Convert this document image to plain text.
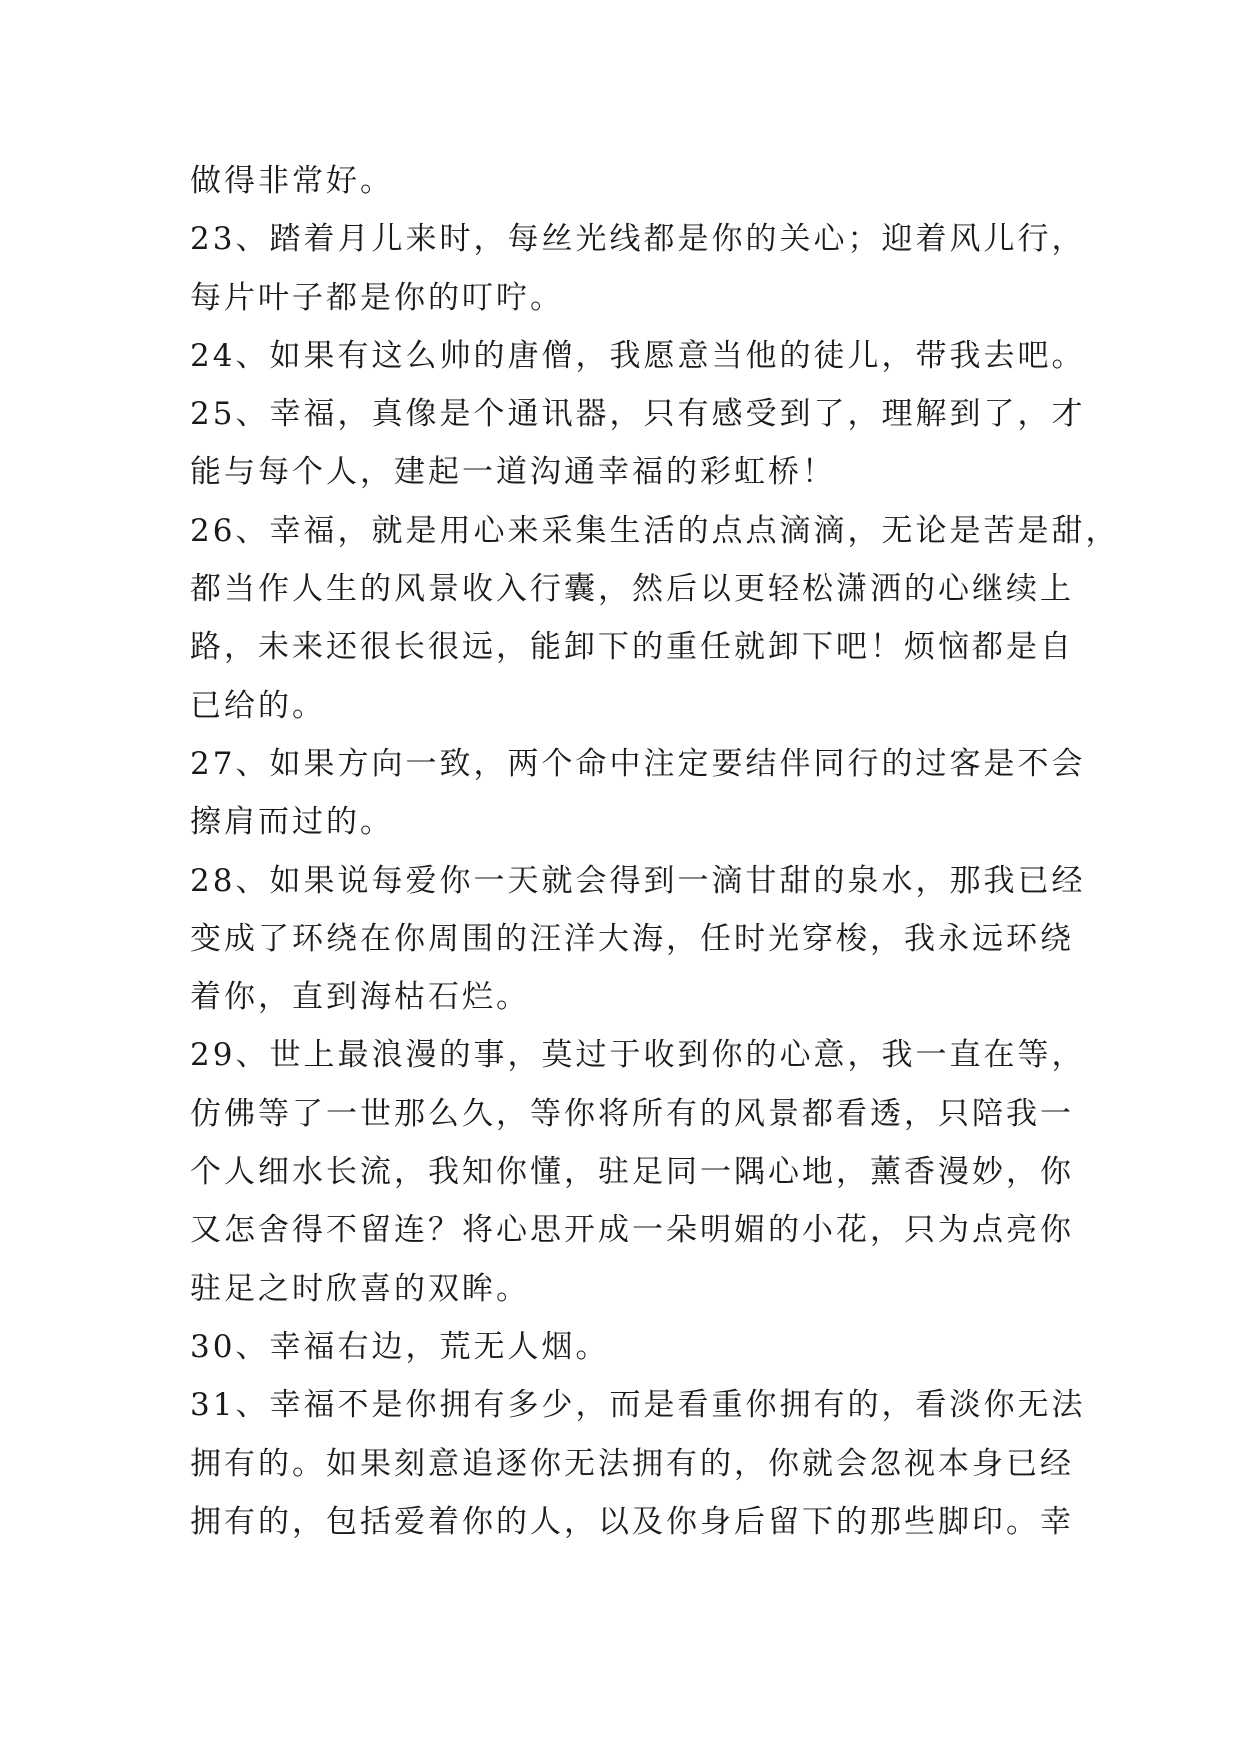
做得非常好。
23、踏着月儿来时，每丝光线都是你的关心；迎着风儿行，
每片叶子都是你的叮咛。
24、如果有这么帅的唐僧，我愿意当他的徒儿，带我去吧。
25、幸福，真像是个通讯器，只有感受到了，理解到了，才
能与每个人，建起一道沟通幸福的彩虹桥！
26、幸福，就是用心来采集生活的点点滴滴，无论是苦是甜，
都当作人生的风景收入行囊，然后以更轻松潇洒的心继续上
路，未来还很长很远，能卸下的重任就卸下吧！烦恼都是自
已给的。
27、如果方向一致，两个命中注定要结伴同行的过客是不会
擦肩而过的。
28、如果说每爱你一天就会得到一滴甘甜的泉水，那我已经
变成了环绕在你周围的汪洋大海，任时光穿梭，我永远环绕
着你，直到海枯石烂。
29、世上最浪漫的事，莫过于收到你的心意，我一直在等，
仿佛等了一世那么久，等你将所有的风景都看透，只陪我一
个人细水长流，我知你懂，驻足同一隅心地，薰香漫妙，你
又怎舍得不留连？将心思开成一朵明媚的小花，只为点亮你
驻足之时欣喜的双眸。
30、幸福右边，荒无人烟。
31、幸福不是你拥有多少，而是看重你拥有的，看淡你无法
拥有的。如果刻意追逐你无法拥有的，你就会忽视本身已经
拥有的，包括爱着你的人，以及你身后留下的那些脚印。幸
